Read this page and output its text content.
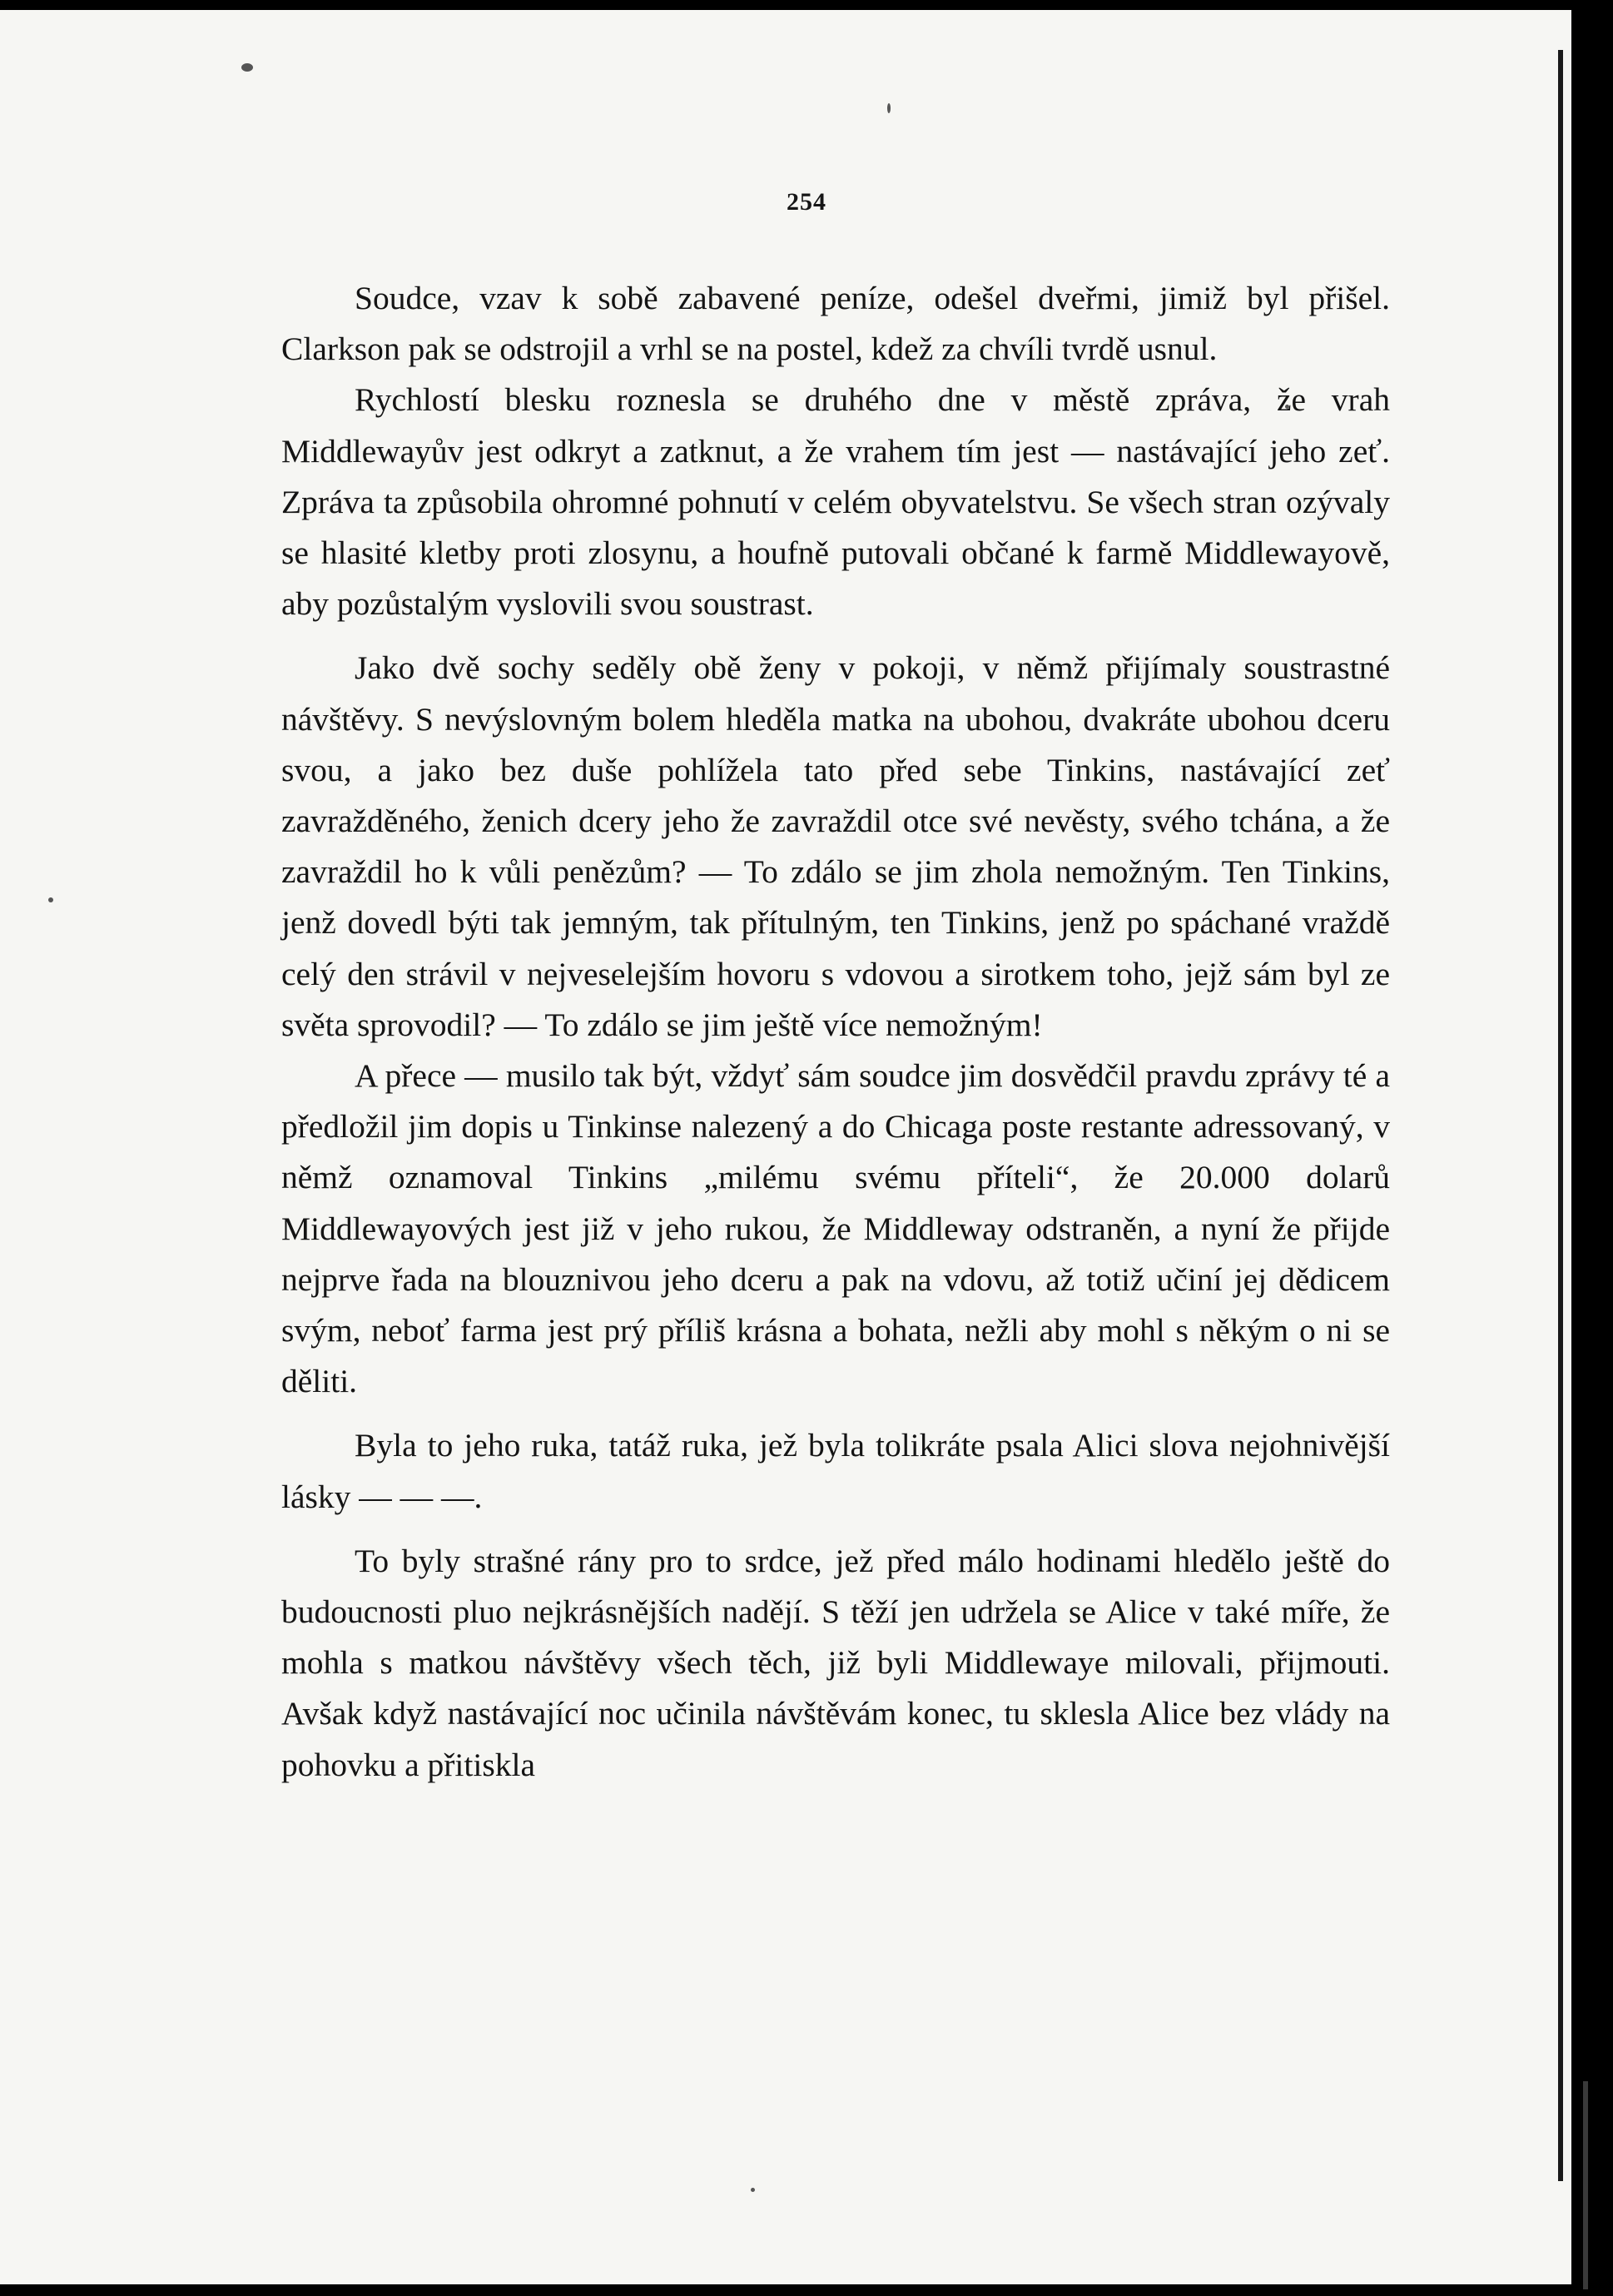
254

Soudce, vzav k sobě zabavené peníze, odešel dveřmi, jimiž byl přišel. Clarkson pak se odstrojil a vrhl se na postel, kdež za chvíli tvrdě usnul.

Rychlostí blesku roznesla se druhého dne v městě zpráva, že vrah Middlewayův jest odkryt a zatknut, a že vrahem tím jest — nastávající jeho zeť. Zpráva ta způsobila ohromné pohnutí v celém obyvatelstvu. Se všech stran ozývaly se hlasité kletby proti zlosynu, a houfně putovali občané k farmě Middlewayově, aby pozůstalým vyslovili svou soustrast.

Jako dvě sochy seděly obě ženy v pokoji, v němž přijímaly soustrastné návštěvy. S nevýslovným bolem hleděla matka na ubohou, dvakráte ubohou dceru svou, a jako bez duše pohlížela tato před sebe Tinkins, nastávající zeť zavražděného, ženich dcery jeho že zavraždil otce své nevěsty, svého tchána, a že zavraždil ho k vůli penězům? — To zdálo se jim zhola nemožným. Ten Tinkins, jenž dovedl býti tak jemným, tak přítulným, ten Tinkins, jenž po spáchané vraždě celý den strávil v nejveselejším hovoru s vdovou a sirotkem toho, jejž sám byl ze světa sprovodil? — To zdálo se jim ještě více nemožným!

A přece — musilo tak být, vždyť sám soudce jim dosvědčil pravdu zprávy té a předložil jim dopis u Tinkinse nalezený a do Chicaga poste restante adressovaný, v němž oznamoval Tinkins „milému svému příteli“, že 20.000 dolarů Middlewayových jest již v jeho rukou, že Middleway odstraněn, a nyní že přijde nejprve řada na blouznivou jeho dceru a pak na vdovu, až totiž učiní jej dědicem svým, neboť farma jest prý příliš krásna a bohata, nežli aby mohl s někým o ni se děliti.

Byla to jeho ruka, tatáž ruka, jež byla tolikráte psala Alici slova nejohnivější lásky — — —.

To byly strašné rány pro to srdce, jež před málo hodinami hledělo ještě do budoucnosti pluo nejkrásnějších nadějí. S těží jen udržela se Alice v také míře, že mohla s matkou návštěvy všech těch, již byli Middlewaye milovali, přijmouti. Avšak když nastávající noc učinila návštěvám konec, tu sklesla Alice bez vlády na pohovku a přitiskla
